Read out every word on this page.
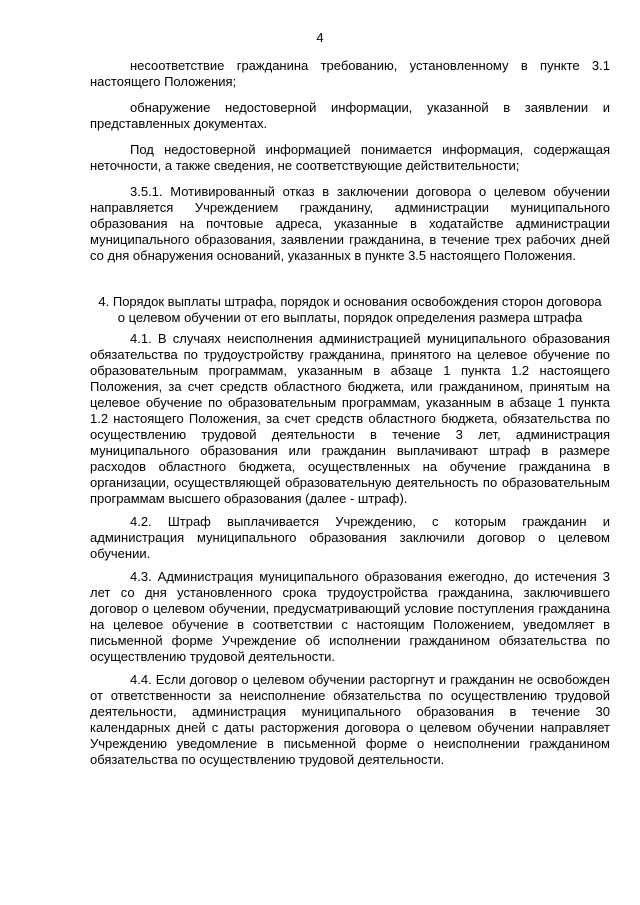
4

несоответствие гражданина требованию, установленному в пункте 3.1 настоящего Положения;

обнаружение недостоверной информации, указанной в заявлении и представленных документах.

Под недостоверной информацией понимается информация, содержащая неточности, а также сведения, не соответствующие действительности;

3.5.1. Мотивированный отказ в заключении договора о целевом обучении направляется Учреждением гражданину, администрации муниципального образования на почтовые адреса, указанные в ходатайстве администрации муниципального образования, заявлении гражданина, в течение трех рабочих дней со дня обнаружения оснований, указанных в пункте 3.5 настоящего Положения.

4. Порядок выплаты штрафа, порядок и основания освобождения сторон договора о целевом обучении от его выплаты, порядок определения размера штрафа

4.1. В случаях неисполнения администрацией муниципального образования обязательства по трудоустройству гражданина, принятого на целевое обучение по образовательным программам, указанным в абзаце 1 пункта 1.2 настоящего Положения, за счет средств областного бюджета, или гражданином, принятым на целевое обучение по образовательным программам, указанным в абзаце 1 пункта 1.2 настоящего Положения, за счет средств областного бюджета, обязательства по осуществлению трудовой деятельности в течение 3 лет, администрация муниципального образования или гражданин выплачивают штраф в размере расходов областного бюджета, осуществленных на обучение гражданина в организации, осуществляющей образовательную деятельность по образовательным программам высшего образования (далее - штраф).

4.2. Штраф выплачивается Учреждению, с которым гражданин и администрация муниципального образования заключили договор о целевом обучении.

4.3. Администрация муниципального образования ежегодно, до истечения 3 лет со дня установленного срока трудоустройства гражданина, заключившего договор о целевом обучении, предусматривающий условие поступления гражданина на целевое обучение в соответствии с настоящим Положением, уведомляет в письменной форме Учреждение об исполнении гражданином обязательства по осуществлению трудовой деятельности.

4.4. Если договор о целевом обучении расторгнут и гражданин не освобожден от ответственности за неисполнение обязательства по осуществлению трудовой деятельности, администрация муниципального образования в течение 30 календарных дней с даты расторжения договора о целевом обучении направляет Учреждению уведомление в письменной форме о неисполнении гражданином обязательства по осуществлению трудовой деятельности.
